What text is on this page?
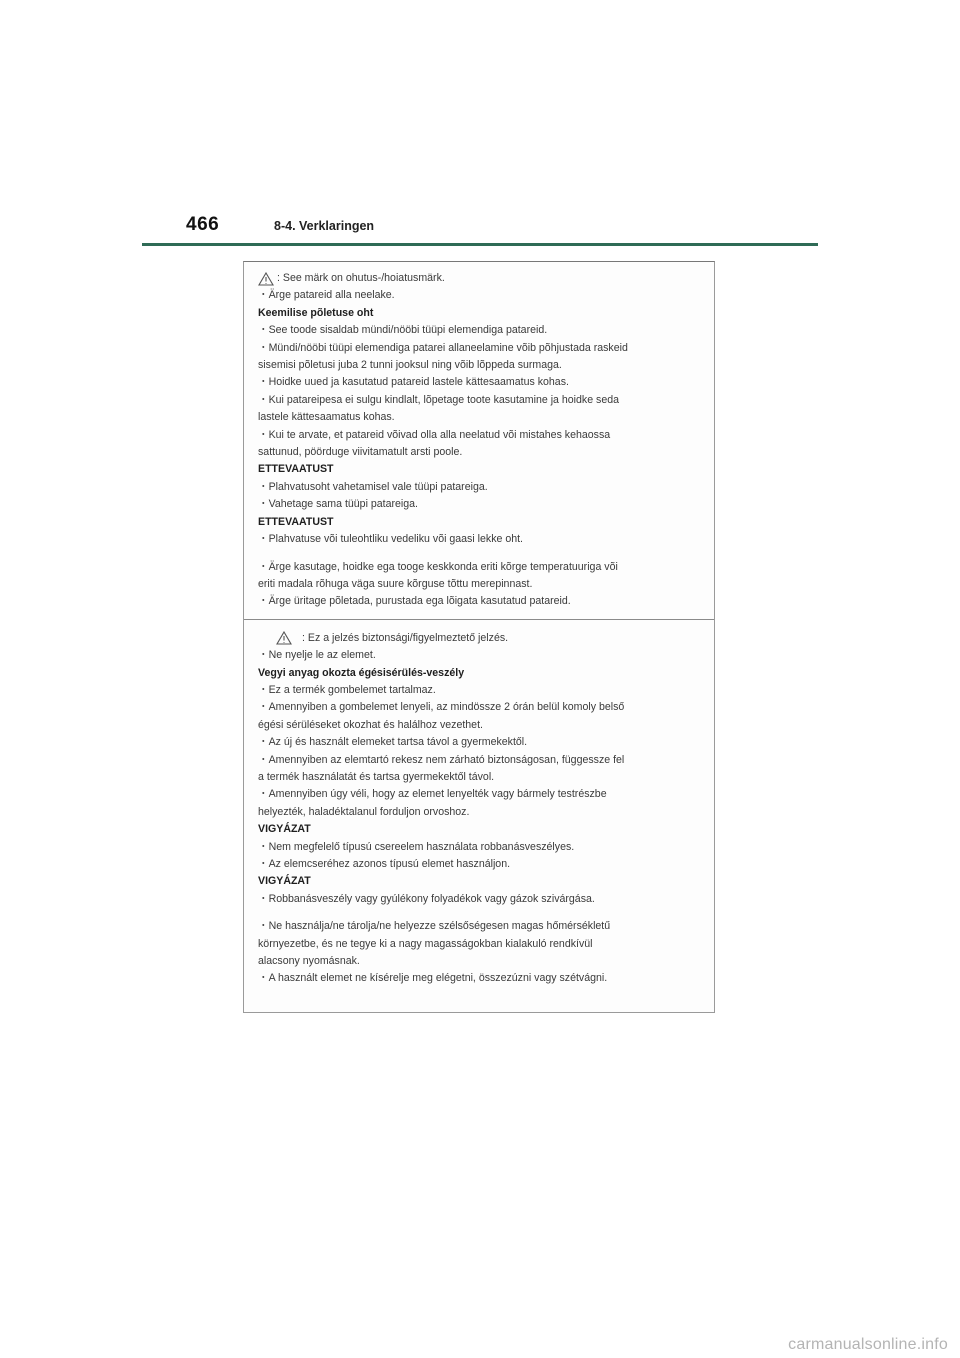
466	8-4. Verklaringen
: See märk on ohutus-/hoiatusmärk.
・Ärge patareid alla neelake.
Keemilise põletuse oht
・See toode sisaldab mündi/nööbi tüüpi elemendiga patareid.
・Mündi/nööbi tüüpi elemendiga patarei allaneelamine võib põhjustada raskeid
sisemisi põletusi juba 2 tunni jooksul ning võib lõppeda surmaga.
・Hoidke uued ja kasutatud patareid lastele kättesaamatus kohas.
・Kui patareipesa ei sulgu kindlalt, lõpetage toote kasutamine ja hoidke seda
lastele kättesaamatus kohas.
・Kui te arvate, et patareid võivad olla alla neelatud või mistahes kehaossa
sattunud, pöörduge viivitamatult arsti poole.
ETTEVAATUST
・Plahvatusoht vahetamisel vale tüüpi patareiga.
・Vahetage sama tüüpi patareiga.
ETTEVAATUST
・Plahvatuse või tuleohtliku vedeliku või gaasi lekke oht.
・Ärge kasutage, hoidke ega tooge keskkonda eriti kõrge temperatuuriga või
eriti madala rõhuga väga suure kõrguse tõttu merepinnast.
・Ärge üritage põletada, purustada ega lõigata kasutatud patareid.
: Ez a jelzés biztonsági/figyelmeztető jelzés.
・Ne nyelje le az elemet.
Vegyi anyag okozta égésisérülés-veszély
・Ez a termék gombelemet tartalmaz.
・Amennyiben a gombelemet lenyeli, az mindössze 2 órán belül komoly belső
égési sérüléseket okozhat és halálhoz vezethet.
・Az új és használt elemeket tartsa távol a gyermekektől.
・Amennyiben az elemtartó rekesz nem zárható biztonságosan, függessze fel
a termék használatát és tartsa gyermekektől távol.
・Amennyiben úgy véli, hogy az elemet lenyelték vagy bármely testrészbe
helyezték, haladéktalanul forduljon orvoshoz.
VIGYÁZAT
・Nem megfelelő típusú csereelem használata robbanásveszélyes.
・Az elemcseréhez azonos típusú elemet használjon.
VIGYÁZAT
・Robbanásveszély vagy gyúlékony folyadékok vagy gázok szivárgása.
・Ne használja/ne tárolja/ne helyezze szélsőségesen magas hőmérsékletű
környezetbe, és ne tegye ki a nagy magasságokban kialakuló rendkívül
alacsony nyomásnak.
・A használt elemet ne kísérelje meg elégetni, összezúzni vagy szétvágni.
carmanualsonline.info
